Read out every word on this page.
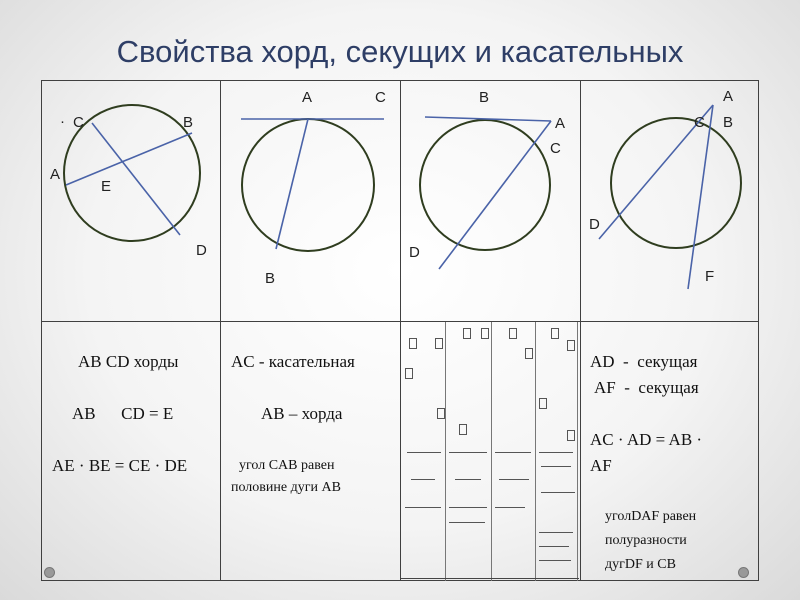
Свойства хорд, секущих и касательных
· C	B
A
E
D
A	C
B
B
A
C
D
A
C B
D
F
AB CD хорды
AB      CD = E
AE · BE = CE · DE
AC - касательная
AB – хорда
угол CAB равен
половине дуги AB
AD  -  секущая
AF  -  секущая
AC · AD = AB ·
AF
уголDAF равен
полуразности
дугDF и CB
